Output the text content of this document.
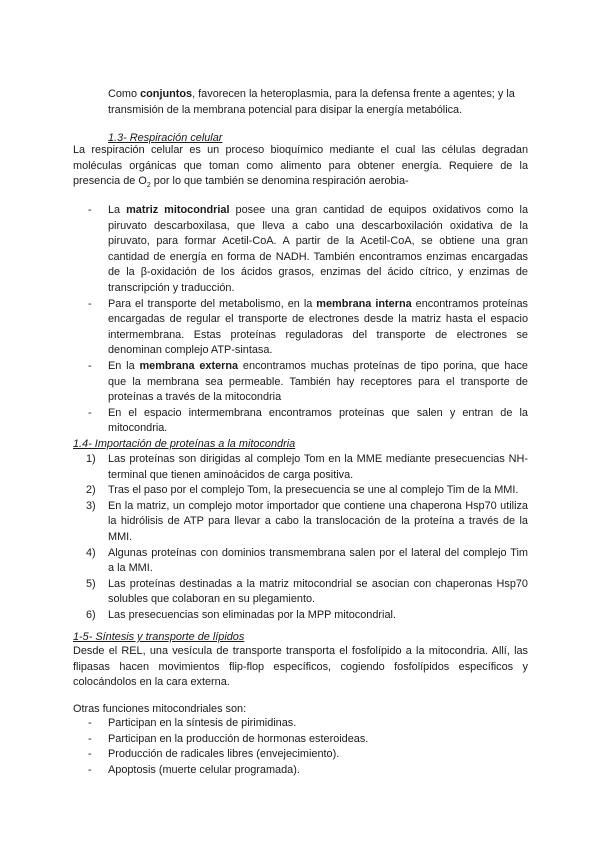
Como conjuntos, favorecen la heteroplasmia, para la defensa frente a agentes; y la transmisión de la membrana potencial para disipar la energía metabólica.

1.3- Respiración celular

La respiración celular es un proceso bioquímico mediante el cual las células degradan moléculas orgánicas que toman como alimento para obtener energía. Requiere de la presencia de $O_2$ por lo que también se denomina respiración aerobia-

- La matriz mitocondrial posee una gran cantidad de equipos oxidativos como la piruvato descarboxilasa, que lleva a cabo una descarboxilación oxidativa de la piruvato, para formar Acetil-CoA. A partir de la Acetil-CoA, se obtiene una gran cantidad de energía en forma de NADH. También encontramos enzimas encargadas de la β-oxidación de los ácidos grasos, enzimas del ácido cítrico, y enzimas de transcripción y traducción.
- Para el transporte del metabolismo, en la membrana interna encontramos proteínas encargadas de regular el transporte de electrones desde la matriz hasta el espacio intermembrana. Estas proteínas reguladoras del transporte de electrones se denominan complejo ATP-sintasa.
- En la membrana externa encontramos muchas proteínas de tipo porina, que hace que la membrana sea permeable. También hay receptores para el transporte de proteínas a través de la mitocondria
- En el espacio intermembrana encontramos proteínas que salen y entran de la mitocondria.

1.4- Importación de proteínas a la mitocondria

1) Las proteínas son dirigidas al complejo Tom en la MME mediante presecuencias NH-terminal que tienen aminoácidos de carga positiva.
2) Tras el paso por el complejo Tom, la presecuencia se une al complejo Tim de la MMI.
3) En la matriz, un complejo motor importador que contiene una chaperona Hsp70 utiliza la hidrólisis de ATP para llevar a cabo la translocación de la proteína a través de la MMI.
4) Algunas proteínas con dominios transmembrana salen por el lateral del complejo Tim a la MMI.
5) Las proteínas destinadas a la matriz mitocondrial se asocian con chaperonas Hsp70 solubles que colaboran en su plegamiento.
6) Las presecuencias son eliminadas por la MPP mitocondrial.

1-5- Síntesis y transporte de lípidos

Desde el REL, una vesícula de transporte transporta el fosfolípido a la mitocondria. Allí, las flipasas hacen movimientos flip-flop específicos, cogiendo fosfolípidos específicos y colocándolos en la cara externa.

Otras funciones mitocondriales son:

- Participan en la síntesis de pirimidinas.
- Participan en la producción de hormonas esteroideas.
- Producción de radicales libres (envejecimiento).
- Apoptosis (muerte celular programada).
